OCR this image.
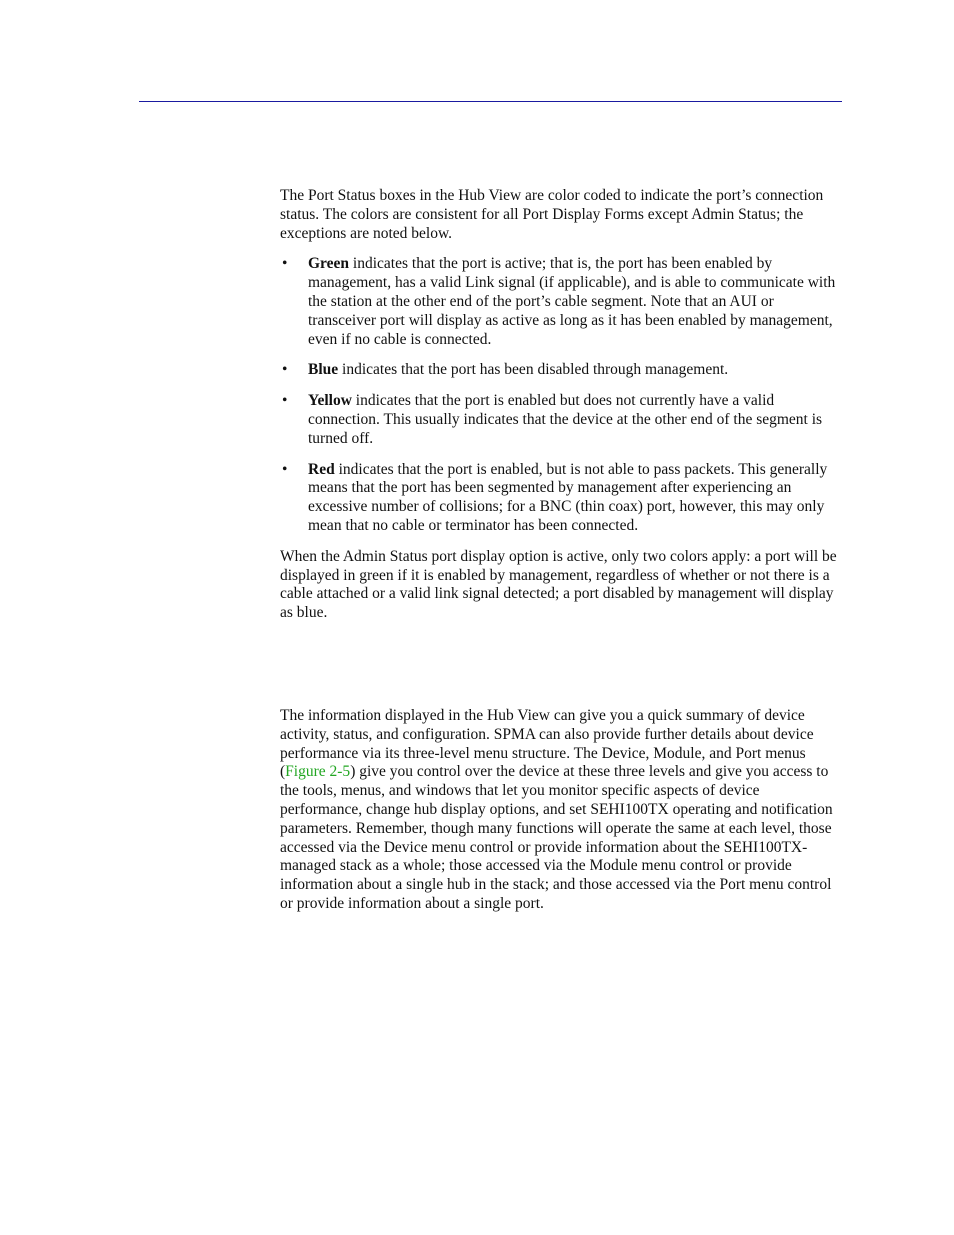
The Port Status boxes in the Hub View are color coded to indicate the port’s connection status. The colors are consistent for all Port Display Forms except Admin Status; the exceptions are noted below.

• Green indicates that the port is active; that is, the port has been enabled by management, has a valid Link signal (if applicable), and is able to communicate with the station at the other end of the port’s cable segment. Note that an AUI or transceiver port will display as active as long as it has been enabled by management, even if no cable is connected.
• Blue indicates that the port has been disabled through management.
• Yellow indicates that the port is enabled but does not currently have a valid connection. This usually indicates that the device at the other end of the segment is turned off.
• Red indicates that the port is enabled, but is not able to pass packets. This generally means that the port has been segmented by management after experiencing an excessive number of collisions; for a BNC (thin coax) port, however, this may only mean that no cable or terminator has been connected.

When the Admin Status port display option is active, only two colors apply: a port will be displayed in green if it is enabled by management, regardless of whether or not there is a cable attached or a valid link signal detected; a port disabled by management will display as blue.

The information displayed in the Hub View can give you a quick summary of device activity, status, and configuration. SPMA can also provide further details about device performance via its three-level menu structure. The Device, Module, and Port menus (Figure 2-5) give you control over the device at these three levels and give you access to the tools, menus, and windows that let you monitor specific aspects of device performance, change hub display options, and set SEHI100TX operating and notification parameters. Remember, though many functions will operate the same at each level, those accessed via the Device menu control or provide information about the SEHI100TX-managed stack as a whole; those accessed via the Module menu control or provide information about a single hub in the stack; and those accessed via the Port menu control or provide information about a single port.
